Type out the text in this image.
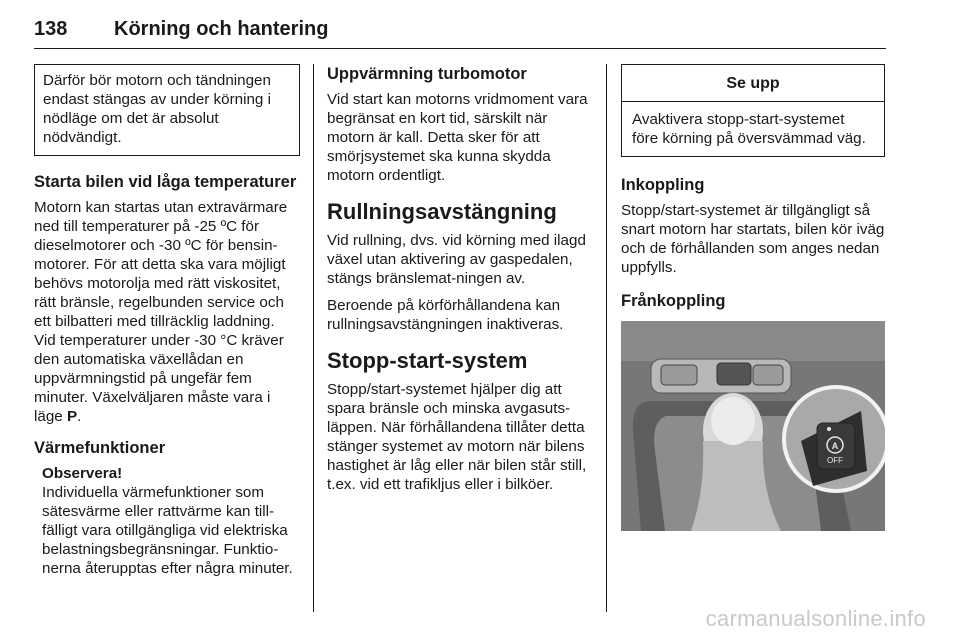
138 Körning och hantering
Därför bör motorn och tändningen endast stängas av under körning i nödläge om det är absolut nödvändigt.
Starta bilen vid låga temperaturer

Motorn kan startas utan extravärmare ned till temperaturer på -25 ºC för dieselmotorer och -30 ºC för bensin-motorer. För att detta ska vara möjligt behövs motorolja med rätt viskositet, rätt bränsle, regelbunden service och ett bilbatteri med tillräcklig laddning. Vid temperaturer under -30 °C kräver den automatiska växellådan en uppvärmningstid på ungefär fem minuter. Växelväljaren måste vara i läge P.

Värmefunktioner
Observera!
Individuella värmefunktioner som sätesvärme eller rattvärme kan till-fälligt vara otillgängliga vid elektriska belastningsbegränsningar. Funktio-nerna återupptas efter några minuter.
Uppvärmning turbomotor

Vid start kan motorns vridmoment vara begränsat en kort tid, särskilt när motorn är kall. Detta sker för att smörjsystemet ska kunna skydda motorn ordentligt.

Rullningsavstängning

Vid rullning, dvs. vid körning med ilagd växel utan aktivering av gaspedalen, stängs bränslemat-ningen av.

Beroende på körförhållandena kan rullningsavstängningen inaktiveras.

Stopp-start-system

Stopp/start-systemet hjälper dig att spara bränsle och minska avgasuts-läppen. När förhållandena tillåter detta stänger systemet av motorn när bilens hastighet är låg eller när bilen står still, t.ex. vid ett trafikljus eller i bilköer.

Se upp
Avaktivera stopp-start-systemet före körning på översvämmad väg.
Inkoppling

Stopp/start-systemet är tillgängligt så snart motorn har startats, bilen kör iväg och de förhållanden som anges nedan uppfylls.

Frånkoppling
A
OFF
carmanualsonline.info
